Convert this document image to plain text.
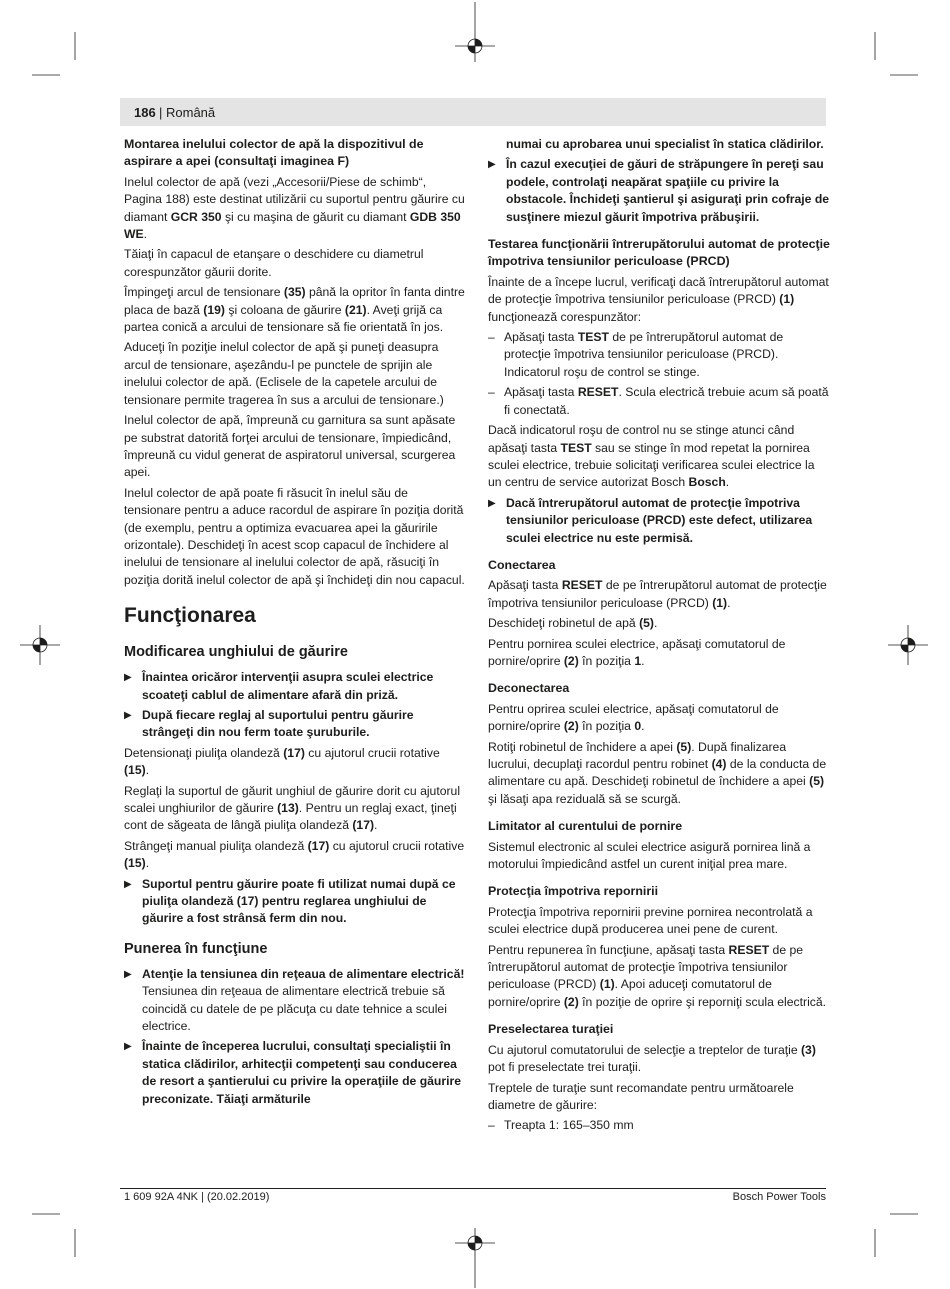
186 | Română
Montarea inelului colector de apă la dispozitivul de aspirare a apei (consultaţi imaginea F)

Inelul colector de apă (vezi „Accesorii/Piese de schimb“, Pagina 188) este destinat utilizării cu suportul pentru găurire cu diamant GCR 350 şi cu maşina de găurit cu diamant GDB 350 WE.

Tăiaţi în capacul de etanşare o deschidere cu diametrul corespunzător găurii dorite.

Împingeţi arcul de tensionare (35) până la opritor în fanta dintre placa de bază (19) şi coloana de găurire (21). Aveţi grijă ca partea conică a arcului de tensionare să fie orientată în jos.

Aduceţi în poziţie inelul colector de apă şi puneţi deasupra arcul de tensionare, aşezându-l pe punctele de sprijin ale inelului colector de apă. (Eclisele de la capetele arcului de tensionare permite tragerea în sus a arcului de tensionare.)

Inelul colector de apă, împreună cu garnitura sa sunt apăsate pe substrat datorită forţei arcului de tensionare, împiedicând, împreună cu vidul generat de aspiratorul universal, scurgerea apei.

Inelul colector de apă poate fi răsucit în inelul său de tensionare pentru a aduce racordul de aspirare în poziţia dorită (de exemplu, pentru a optimiza evacuarea apei la găuririle orizontale). Deschideţi în acest scop capacul de închidere al inelului de tensionare al inelului colector de apă, răsuciţi în poziţia dorită inelul colector de apă şi închideţi din nou capacul.

Funcţionarea
Modificarea unghiului de găurire
▶ Înaintea oricăror intervenţii asupra sculei electrice scoateţi cablul de alimentare afară din priză.
▶ După fiecare reglaj al suportului pentru găurire strângeţi din nou ferm toate şuruburile.

Detensionaţi piuliţa olandeză (17) cu ajutorul crucii rotative (15).

Reglaţi la suportul de găurit unghiul de găurire dorit cu ajutorul scalei unghiurilor de găurire (13). Pentru un reglaj exact, ţineţi cont de săgeata de lângă piuliţa olandeză (17).

Strângeţi manual piuliţa olandeză (17) cu ajutorul crucii rotative (15).

▶ Suportul pentru găurire poate fi utilizat numai după ce piuliţa olandeză (17) pentru reglarea unghiului de găurire a fost strânsă ferm din nou.
Punerea în funcţiune
▶ Atenţie la tensiunea din reţeaua de alimentare electrică! Tensiunea din reţeaua de alimentare electrică trebuie să coincidă cu datele de pe plăcuţa cu date tehnice a sculei electrice.
▶ Înainte de începerea lucrului, consultaţi specialiştii în statica clădirilor, arhitecţii competenţi sau conducerea de resort a şantierului cu privire la operaţiile de găurire preconizate. Tăiaţi armăturile
numai cu aprobarea unui specialist în statica clădirilor.
▶ În cazul execuţiei de găuri de străpungere în pereţi sau podele, controlaţi neapărat spaţiile cu privire la obstacole. Închideţi şantierul şi asiguraţi prin cofraje de susţinere miezul găurit împotriva prăbuşirii.
Testarea funcţionării întrerupătorului automat de protecţie împotriva tensiunilor periculoase (PRCD)

Înainte de a începe lucrul, verificaţi dacă întrerupătorul automat de protecţie împotriva tensiunilor periculoase (PRCD) (1) funcţionează corespunzător:

– Apăsaţi tasta TEST de pe întrerupătorul automat de protecţie împotriva tensiunilor periculoase (PRCD). Indicatorul roşu de control se stinge.
– Apăsaţi tasta RESET. Scula electrică trebuie acum să poată fi conectată.

Dacă indicatorul roşu de control nu se stinge atunci când apăsaţi tasta TEST sau se stinge în mod repetat la pornirea sculei electrice, trebuie solicitaţi verificarea sculei electrice la un centru de service autorizat Bosch Bosch.

▶ Dacă întrerupătorul automat de protecţie împotriva tensiunilor periculoase (PRCD) este defect, utilizarea sculei electrice nu este permisă.
Conectarea

Apăsaţi tasta RESET de pe întrerupătorul automat de protecţie împotriva tensiunilor periculoase (PRCD) (1).

Deschideţi robinetul de apă (5).

Pentru pornirea sculei electrice, apăsaţi comutatorul de pornire/oprire (2) în poziţia 1.

Deconectarea

Pentru oprirea sculei electrice, apăsaţi comutatorul de pornire/oprire (2) în poziţia 0.

Rotiţi robinetul de închidere a apei (5). După finalizarea lucrului, decuplaţi racordul pentru robinet (4) de la conducta de alimentare cu apă. Deschideţi robinetul de închidere a apei (5) şi lăsaţi apa reziduală să se scurgă.

Limitator al curentului de pornire

Sistemul electronic al sculei electrice asigură pornirea lină a motorului împiedicând astfel un curent iniţial prea mare.

Protecţia împotriva repornirii

Protecţia împotriva repornirii previne pornirea necontrolată a sculei electrice după producerea unei pene de curent.

Pentru repunerea în funcţiune, apăsaţi tasta RESET de pe întrerupătorul automat de protecţie împotriva tensiunilor periculoase (PRCD) (1). Apoi aduceţi comutatorul de pornire/oprire (2) în poziţie de oprire şi reporniţi scula electrică.

Preselectarea turaţiei

Cu ajutorul comutatorului de selecţie a treptelor de turaţie (3) pot fi preselectate trei turaţii.

Treptele de turaţie sunt recomandate pentru următoarele diametre de găurire:

– Treapta 1: 165–350 mm
1 609 92A 4NK | (20.02.2019)	Bosch Power Tools
